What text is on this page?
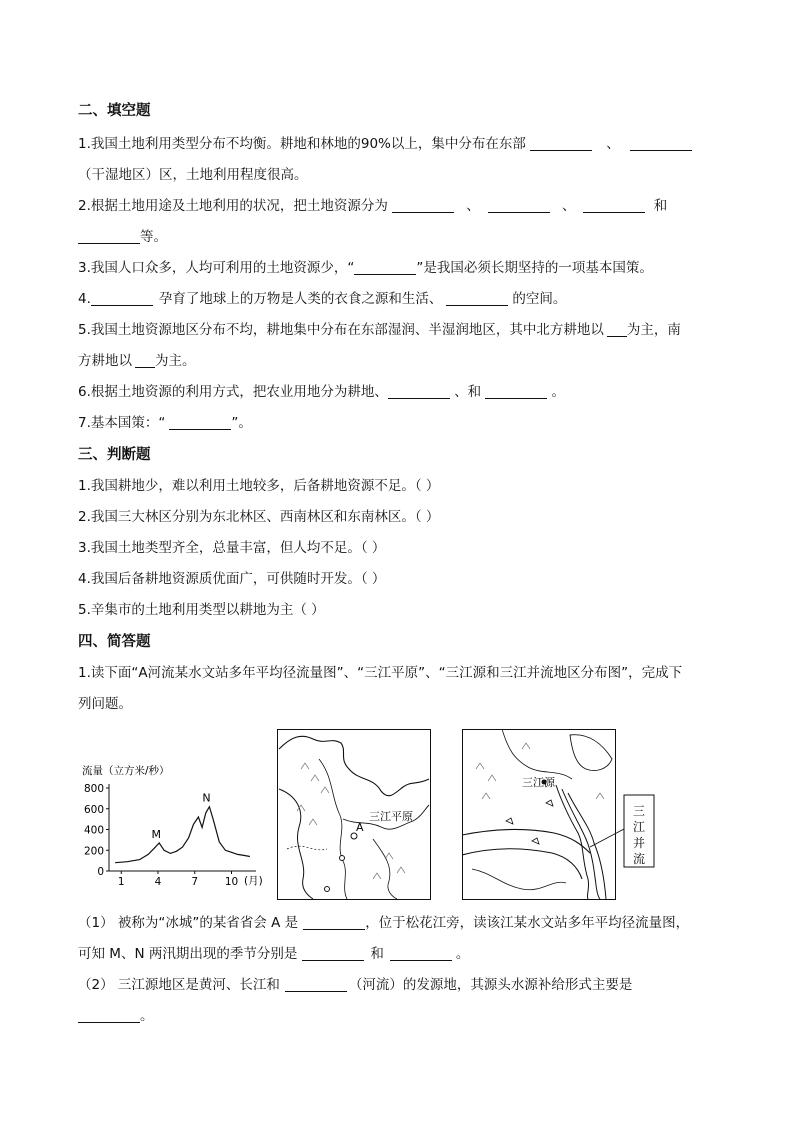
二、填空题
1.我国土地利用类型分布不均衡。耕地和林地的90%以上，集中分布在东部	、
（干湿地区）区，土地利用程度很高。
2.根据土地用途及土地利用的状况，把土地资源分为	、	、	和
等。
3.我国人口众多，人均可利用的土地资源少，“	”是我国必须长期坚持的一项基本国策。
4.	孕育了地球上的万物是人类的衣食之源和生活、	的空间。
5.我国土地资源地区分布不均，耕地集中分布在东部湿润、半湿润地区，其中北方耕地以 为主，南
方耕地以 为主。
6.根据土地资源的利用方式，把农业用地分为耕地、	、和	。
7.基本国策：“	”。
三、判断题
1.我国耕地少，难以利用土地较多，后备耕地资源不足。（ ）
2.我国三大林区分别为东北林区、西南林区和东南林区。（ ）
3.我国土地类型齐全，总量丰富，但人均不足。（ ）
4.我国后备耕地资源质优面广，可供随时开发。（ ）
5.辛集市的土地利用类型以耕地为主（ ）
四、简答题
1.读下面“A河流某水文站多年平均径流量图”、“三江平原”、“三江源和三江并流地区分布图”，完成下
列问题。
流量（立方米/秒）
0
200
400
600
800
1	4	7	10
M
N
(月)
A
三江平原
三江源
三
江
并
流
（1） 被称为“冰城”的某省省会 A 是	，位于松花江旁，读该江某水文站多年平均径流量图，
可知 M、N 两汛期出现的季节分别是	和	。
（2） 三江源地区是黄河、长江和	（河流）的发源地，其源头水源补给形式主要是
。
